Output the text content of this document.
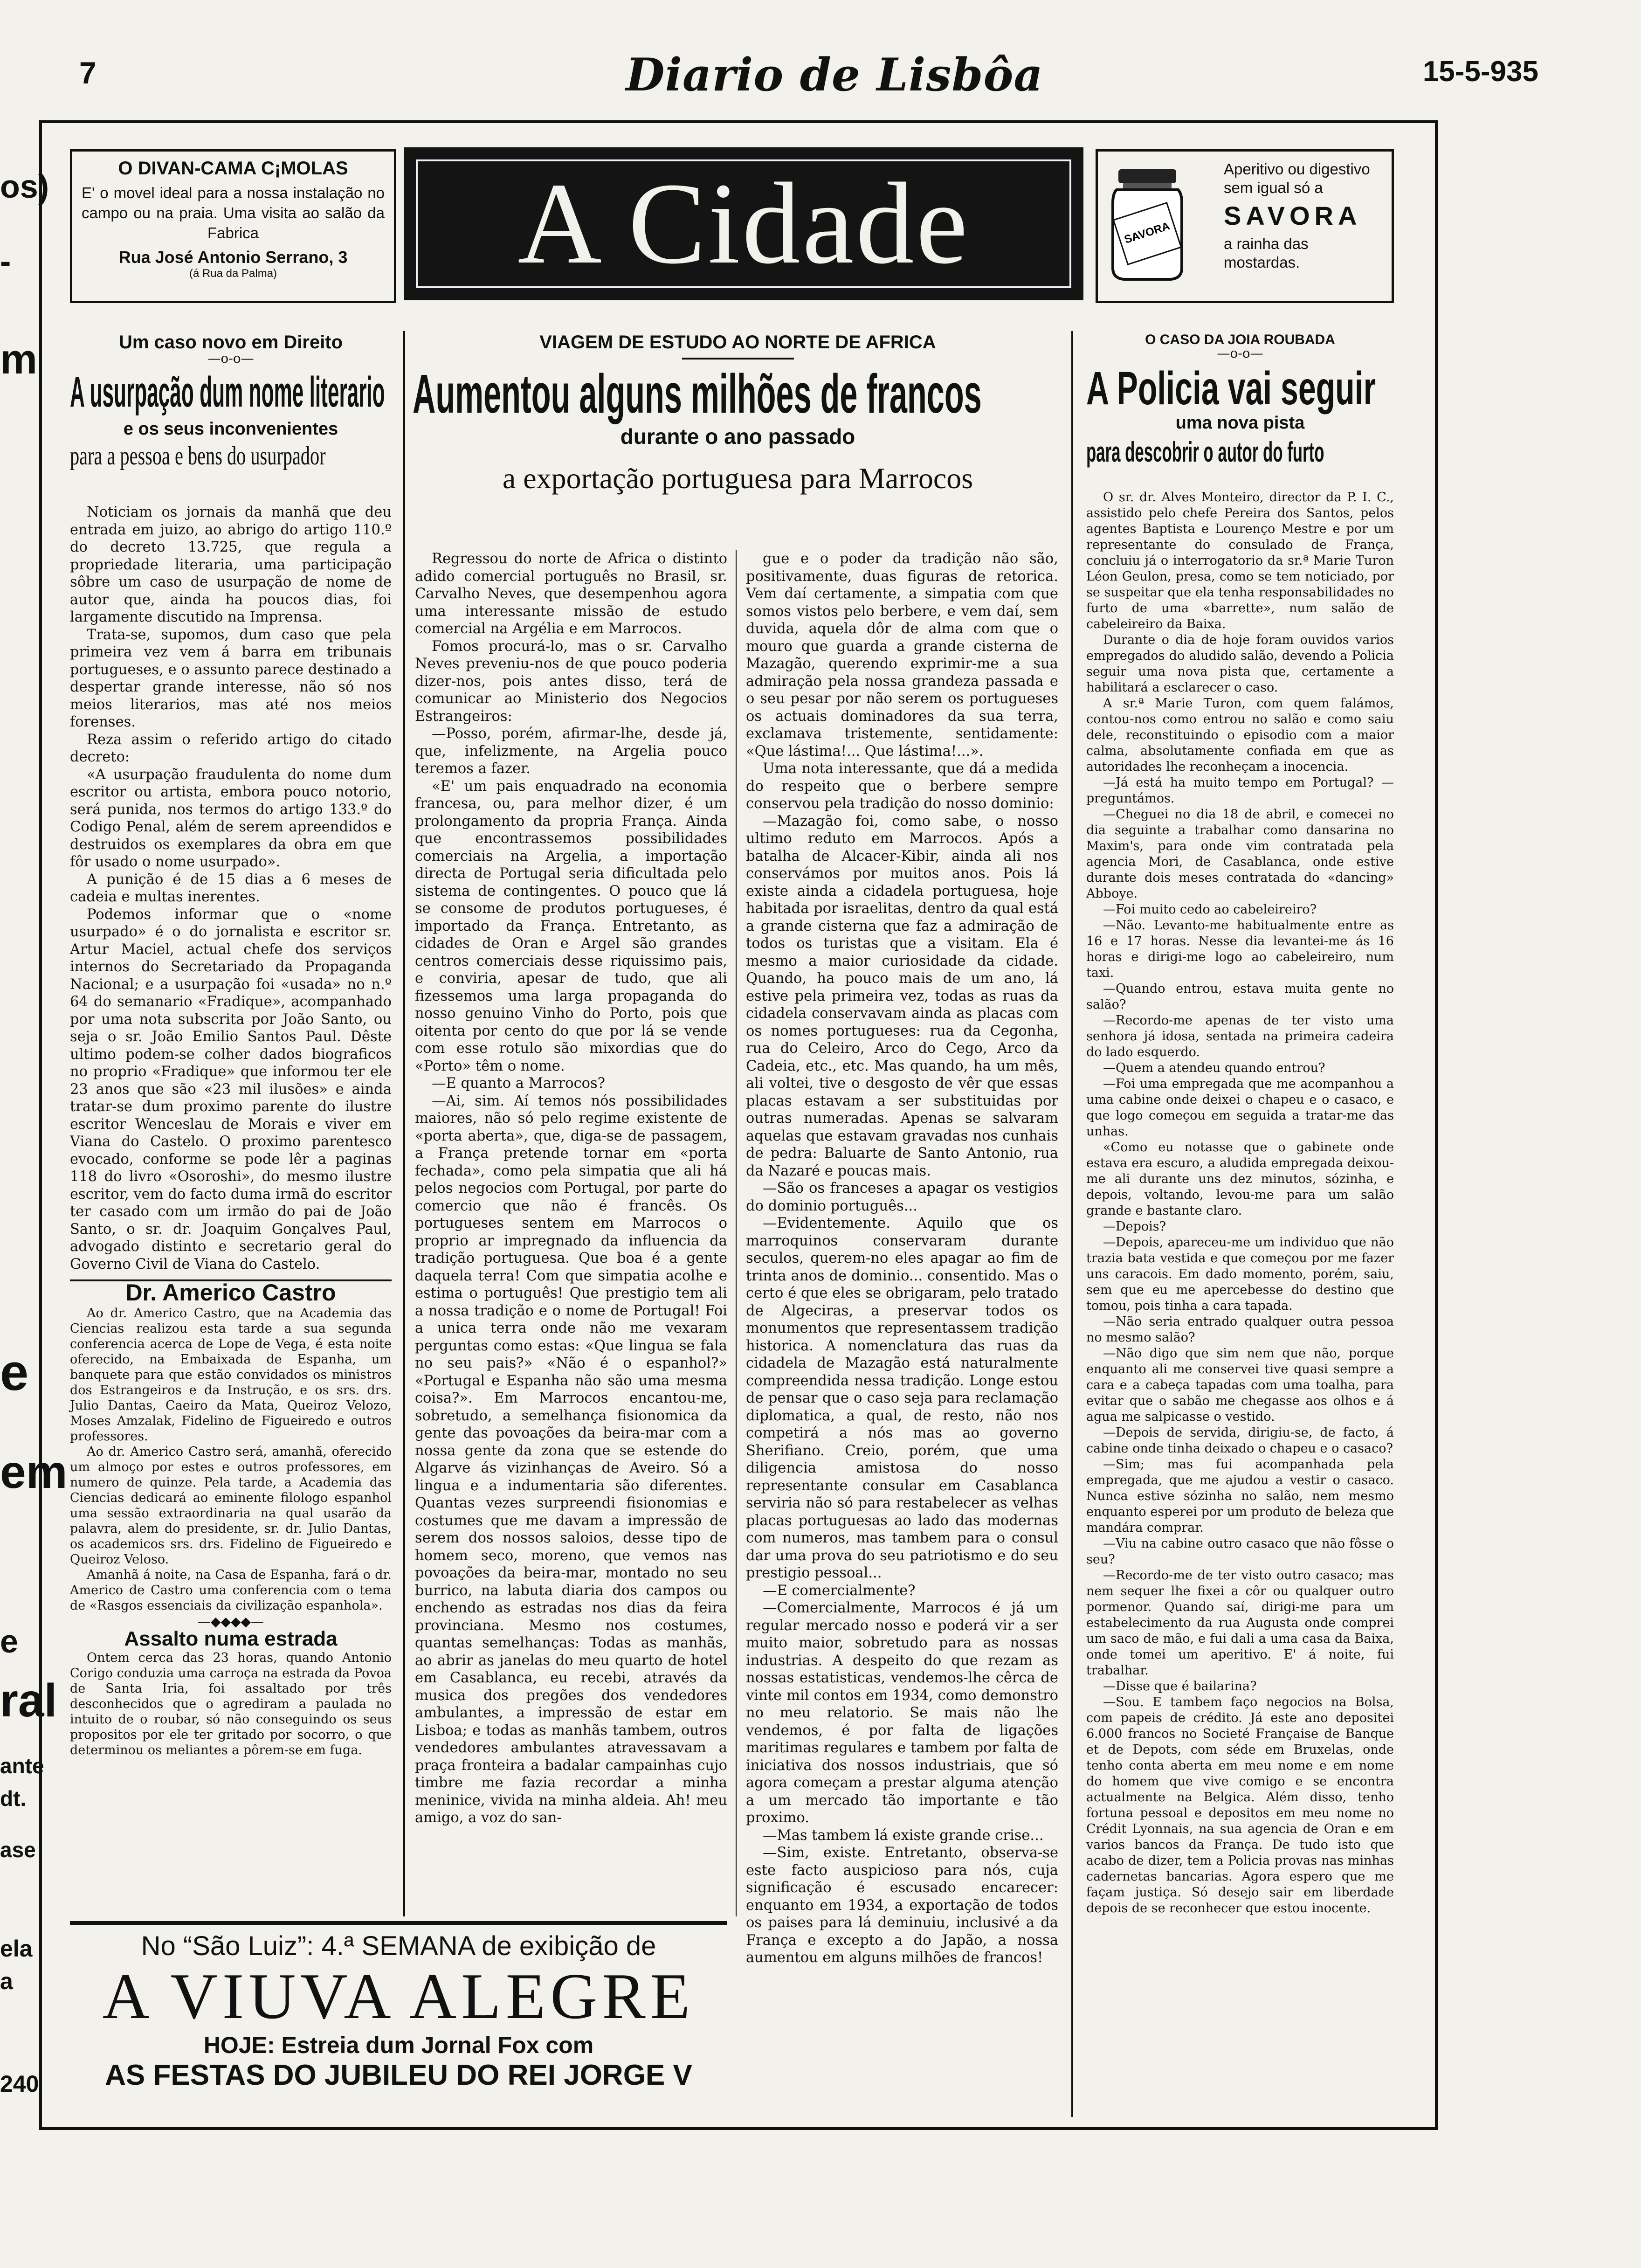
7	Diario de Lisbôa	15-5-935
os)
-
m
e
em
e
ral
ante
dt.
ase
ela
a
240
O DIVAN-CAMA C¡MOLAS
E' o movel ideal para a nossa instalação no campo ou na praia. Uma visita ao salão da Fabrica
Rua José Antonio Serrano, 3
(á Rua da Palma)	A Cidade	SAVORA
Aperitivo ou digestivo sem igual só a
SAVORA
a rainha das mostardas.
Um caso novo em Direito
—o-o—
A usurpação dum nome literario
e os seus inconvenientes
para a pessoa e bens do usurpador

Noticiam os jornais da manhã que deu entrada em juizo, ao abrigo do artigo 110.º do decreto 13.725, que regula a propriedade literaria, uma participação sôbre um caso de usurpação de nome de autor que, ainda ha poucos dias, foi largamente discutido na Imprensa.

Trata-se, supomos, dum caso que pela primeira vez vem á barra em tribunais portugueses, e o assunto parece destinado a despertar grande interesse, não só nos meios literarios, mas até nos meios forenses.

Reza assim o referido artigo do citado decreto:

«A usurpação fraudulenta do nome dum escritor ou artista, embora pouco notorio, será punida, nos termos do artigo 133.º do Codigo Penal, além de serem apreendidos e destruidos os exemplares da obra em que fôr usado o nome usurpado».

A punição é de 15 dias a 6 meses de cadeia e multas inerentes.

Podemos informar que o «nome usurpado» é o do jornalista e escritor sr. Artur Maciel, actual chefe dos serviços internos do Secretariado da Propaganda Nacional; e a usurpação foi «usada» no n.º 64 do semanario «Fradique», acompanhado por uma nota subscrita por João Santo, ou seja o sr. João Emilio Santos Paul. Dêste ultimo podem-se colher dados biograficos no proprio «Fradique» que informou ter ele 23 anos que são «23 mil ilusões» e ainda tratar-se dum proximo parente do ilustre escritor Wenceslau de Morais e viver em Viana do Castelo. O proximo parentesco evocado, conforme se pode lêr a paginas 118 do livro «Osoroshi», do mesmo ilustre escritor, vem do facto duma irmã do escritor ter casado com um irmão do pai de João Santo, o sr. dr. Joaquim Gonçalves Paul, advogado distinto e secretario geral do Governo Civil de Viana do Castelo.

Dr. Americo Castro

Ao dr. Americo Castro, que na Academia das Ciencias realizou esta tarde a sua segunda conferencia acerca de Lope de Vega, é esta noite oferecido, na Embaixada de Espanha, um banquete para que estão convidados os ministros dos Estrangeiros e da Instrução, e os srs. drs. Julio Dantas, Caeiro da Mata, Queiroz Velozo, Moses Amzalak, Fidelino de Figueiredo e outros professores.

Ao dr. Americo Castro será, amanhã, oferecido um almoço por estes e outros professores, em numero de quinze. Pela tarde, a Academia das Ciencias dedicará ao eminente filologo espanhol uma sessão extraordinaria na qual usarão da palavra, alem do presidente, sr. dr. Julio Dantas, os academicos srs. drs. Fidelino de Figueiredo e Queiroz Veloso.

Amanhã á noite, na Casa de Espanha, fará o dr. Americo de Castro uma conferencia com o tema de «Rasgos essenciais da civilização espanhola».

—◆◆◆◆—
Assalto numa estrada

Ontem cerca das 23 horas, quando Antonio Corigo conduzia uma carroça na estrada da Povoa de Santa Iria, foi assaltado por três desconhecidos que o agrediram a paulada no intuito de o roubar, só não conseguindo os seus propositos por ele ter gritado por socorro, o que determinou os meliantes a pôrem-se em fuga.

VIAGEM DE ESTUDO AO NORTE DE AFRICA
Aumentou alguns milhões de francos
durante o ano passado
a exportação portuguesa para Marrocos

Regressou do norte de Africa o distinto adido comercial português no Brasil, sr. Carvalho Neves, que desempenhou agora uma interessante missão de estudo comercial na Argélia e em Marrocos.

Fomos procurá-lo, mas o sr. Carvalho Neves preveniu-nos de que pouco poderia dizer-nos, pois antes disso, terá de comunicar ao Ministerio dos Negocios Estrangeiros:

—Posso, porém, afirmar-lhe, desde já, que, infelizmente, na Argelia pouco teremos a fazer.

«E' um pais enquadrado na economia francesa, ou, para melhor dizer, é um prolongamento da propria França. Ainda que encontrassemos possibilidades comerciais na Argelia, a importação directa de Portugal seria dificultada pelo sistema de contingentes. O pouco que lá se consome de produtos portugueses, é importado da França. Entretanto, as cidades de Oran e Argel são grandes centros comerciais desse riquissimo pais, e conviria, apesar de tudo, que ali fizessemos uma larga propaganda do nosso genuino Vinho do Porto, pois que oitenta por cento do que por lá se vende com esse rotulo são mixordias que do «Porto» têm o nome.

—E quanto a Marrocos?

—Ai, sim. Aí temos nós possibilidades maiores, não só pelo regime existente de «porta aberta», que, diga-se de passagem, a França pretende tornar em «porta fechada», como pela simpatia que ali há pelos negocios com Portugal, por parte do comercio que não é francês. Os portugueses sentem em Marrocos o proprio ar impregnado da influencia da tradição portuguesa. Que boa é a gente daquela terra! Com que simpatia acolhe e estima o português! Que prestigio tem ali a nossa tradição e o nome de Portugal! Foi a unica terra onde não me vexaram perguntas como estas: «Que lingua se fala no seu pais?» «Não é o espanhol?» «Portugal e Espanha não são uma mesma coisa?». Em Marrocos encantou-me, sobretudo, a semelhança fisionomica da gente das povoações da beira-mar com a nossa gente da zona que se estende do Algarve ás vizinhanças de Aveiro. Só a lingua e a indumentaria são diferentes. Quantas vezes surpreendi fisionomias e costumes que me davam a impressão de serem dos nossos saloios, desse tipo de homem seco, moreno, que vemos nas povoações da beira-mar, montado no seu burrico, na labuta diaria dos campos ou enchendo as estradas nos dias da feira provinciana. Mesmo nos costumes, quantas semelhanças: Todas as manhãs, ao abrir as janelas do meu quarto de hotel em Casablanca, eu recebi, através da musica dos pregões dos vendedores ambulantes, a impressão de estar em Lisboa; e todas as manhãs tambem, outros vendedores ambulantes atravessavam a praça fronteira a badalar campainhas cujo timbre me fazia recordar a minha meninice, vivida na minha aldeia. Ah! meu amigo, a voz do san-

gue e o poder da tradição não são, positivamente, duas figuras de retorica. Vem daí certamente, a simpatia com que somos vistos pelo berbere, e vem daí, sem duvida, aquela dôr de alma com que o mouro que guarda a grande cisterna de Mazagão, querendo exprimir-me a sua admiração pela nossa grandeza passada e o seu pesar por não serem os portugueses os actuais dominadores da sua terra, exclamava tristemente, sentidamente: «Que lástima!... Que lástima!...».

Uma nota interessante, que dá a medida do respeito que o berbere sempre conservou pela tradição do nosso dominio:

—Mazagão foi, como sabe, o nosso ultimo reduto em Marrocos. Após a batalha de Alcacer-Kibir, ainda ali nos conservámos por muitos anos. Pois lá existe ainda a cidadela portuguesa, hoje habitada por israelitas, dentro da qual está a grande cisterna que faz a admiração de todos os turistas que a visitam. Ela é mesmo a maior curiosidade da cidade. Quando, ha pouco mais de um ano, lá estive pela primeira vez, todas as ruas da cidadela conservavam ainda as placas com os nomes portugueses: rua da Cegonha, rua do Celeiro, Arco do Cego, Arco da Cadeia, etc., etc. Mas quando, ha um mês, ali voltei, tive o desgosto de vêr que essas placas estavam a ser substituidas por outras numeradas. Apenas se salvaram aquelas que estavam gravadas nos cunhais de pedra: Baluarte de Santo Antonio, rua da Nazaré e poucas mais.

—São os franceses a apagar os vestigios do dominio português...

—Evidentemente. Aquilo que os marroquinos conservaram durante seculos, querem-no eles apagar ao fim de trinta anos de dominio... consentido. Mas o certo é que eles se obrigaram, pelo tratado de Algeciras, a preservar todos os monumentos que representassem tradição historica. A nomenclatura das ruas da cidadela de Mazagão está naturalmente compreendida nessa tradição. Longe estou de pensar que o caso seja para reclamação diplomatica, a qual, de resto, não nos competirá a nós mas ao governo Sherifiano. Creio, porém, que uma diligencia amistosa do nosso representante consular em Casablanca serviria não só para restabelecer as velhas placas portuguesas ao lado das modernas com numeros, mas tambem para o consul dar uma prova do seu patriotismo e do seu prestigio pessoal...

—E comercialmente?

—Comercialmente, Marrocos é já um regular mercado nosso e poderá vir a ser muito maior, sobretudo para as nossas industrias. A despeito do que rezam as nossas estatisticas, vendemos-lhe cêrca de vinte mil contos em 1934, como demonstro no meu relatorio. Se mais não lhe vendemos, é por falta de ligações maritimas regulares e tambem por falta de iniciativa dos nossos industriais, que só agora começam a prestar alguma atenção a um mercado tão importante e tão proximo.

—Mas tambem lá existe grande crise...

—Sim, existe. Entretanto, observa-se este facto auspicioso para nós, cuja significação é escusado encarecer: enquanto em 1934, a exportação de todos os paises para lá deminuiu, inclusivé a da França e excepto a do Japão, a nossa aumentou em alguns milhões de francos!

O CASO DA JOIA ROUBADA
—o-o—
A Policia vai seguir
uma nova pista
para descobrir o autor do furto

O sr. dr. Alves Monteiro, director da P. I. C., assistido pelo chefe Pereira dos Santos, pelos agentes Baptista e Lourenço Mestre e por um representante do consulado de França, concluiu já o interrogatorio da sr.ª Marie Turon Léon Geulon, presa, como se tem noticiado, por se suspeitar que ela tenha responsabilidades no furto de uma «barrette», num salão de cabeleireiro da Baixa.

Durante o dia de hoje foram ouvidos varios empregados do aludido salão, devendo a Policia seguir uma nova pista que, certamente a habilitará a esclarecer o caso.

A sr.ª Marie Turon, com quem falámos, contou-nos como entrou no salão e como saiu dele, reconstituindo o episodio com a maior calma, absolutamente confiada em que as autoridades lhe reconheçam a inocencia.

—Já está ha muito tempo em Portugal? —preguntámos.

—Cheguei no dia 18 de abril, e comecei no dia seguinte a trabalhar como dansarina no Maxim's, para onde vim contratada pela agencia Mori, de Casablanca, onde estive durante dois meses contratada do «dancing» Abboye.

—Foi muito cedo ao cabeleireiro?

—Não. Levanto-me habitualmente entre as 16 e 17 horas. Nesse dia levantei-me ás 16 horas e dirigi-me logo ao cabeleireiro, num taxi.

—Quando entrou, estava muita gente no salão?

—Recordo-me apenas de ter visto uma senhora já idosa, sentada na primeira cadeira do lado esquerdo.

—Quem a atendeu quando entrou?

—Foi uma empregada que me acompanhou a uma cabine onde deixei o chapeu e o casaco, e que logo começou em seguida a tratar-me das unhas.

«Como eu notasse que o gabinete onde estava era escuro, a aludida empregada deixou-me ali durante uns dez minutos, sózinha, e depois, voltando, levou-me para um salão grande e bastante claro.

—Depois?

—Depois, apareceu-me um individuo que não trazia bata vestida e que começou por me fazer uns caracois. Em dado momento, porém, saiu, sem que eu me apercebesse do destino que tomou, pois tinha a cara tapada.

—Não seria entrado qualquer outra pessoa no mesmo salão?

—Não digo que sim nem que não, porque enquanto ali me conservei tive quasi sempre a cara e a cabeça tapadas com uma toalha, para evitar que o sabão me chegasse aos olhos e á agua me salpicasse o vestido.

—Depois de servida, dirigiu-se, de facto, á cabine onde tinha deixado o chapeu e o casaco?

—Sim; mas fui acompanhada pela empregada, que me ajudou a vestir o casaco. Nunca estive sózinha no salão, nem mesmo enquanto esperei por um produto de beleza que mandára comprar.

—Viu na cabine outro casaco que não fôsse o seu?

—Recordo-me de ter visto outro casaco; mas nem sequer lhe fixei a côr ou qualquer outro pormenor. Quando saí, dirigi-me para um estabelecimento da rua Augusta onde comprei um saco de mão, e fui dali a uma casa da Baixa, onde tomei um aperitivo. E' á noite, fui trabalhar.

—Disse que é bailarina?

—Sou. E tambem faço negocios na Bolsa, com papeis de crédito. Já este ano depositei 6.000 francos no Societé Française de Banque et de Depots, com séde em Bruxelas, onde tenho conta aberta em meu nome e em nome do homem que vive comigo e se encontra actualmente na Belgica. Além disso, tenho fortuna pessoal e depositos em meu nome no Crédit Lyonnais, na sua agencia de Oran e em varios bancos da França. De tudo isto que acabo de dizer, tem a Policia provas nas minhas cadernetas bancarias. Agora espero que me façam justiça. Só desejo sair em liberdade depois de se reconhecer que estou inocente.

No “São Luiz”: 4.ª SEMANA de exibição de
A VIUVA ALEGRE
HOJE: Estreia dum Jornal Fox com
AS FESTAS DO JUBILEU DO REI JORGE V
